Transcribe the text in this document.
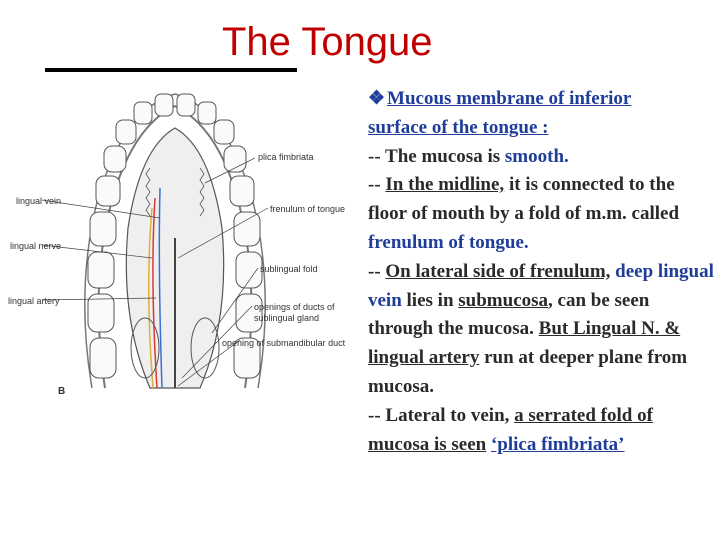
The Tongue
plica fimbriata
lingual vein
frenulum of tongue
lingual nerve
sublingual fold
lingual artery
openings of ducts of
sublingual gland
opening of submandibular duct
B

❖ Mucous membrane of inferior
surface of the tongue :

-- The mucosa is smooth.

-- In the midline, it is connected to the floor of mouth by a fold of m.m. called frenulum of tongue.

-- On lateral side of frenulum, deep lingual vein lies in submucosa, can be seen through the mucosa. But Lingual N. & lingual artery run at deeper plane from mucosa.

-- Lateral to vein, a serrated fold of mucosa is seen ‘plica fimbriata’
